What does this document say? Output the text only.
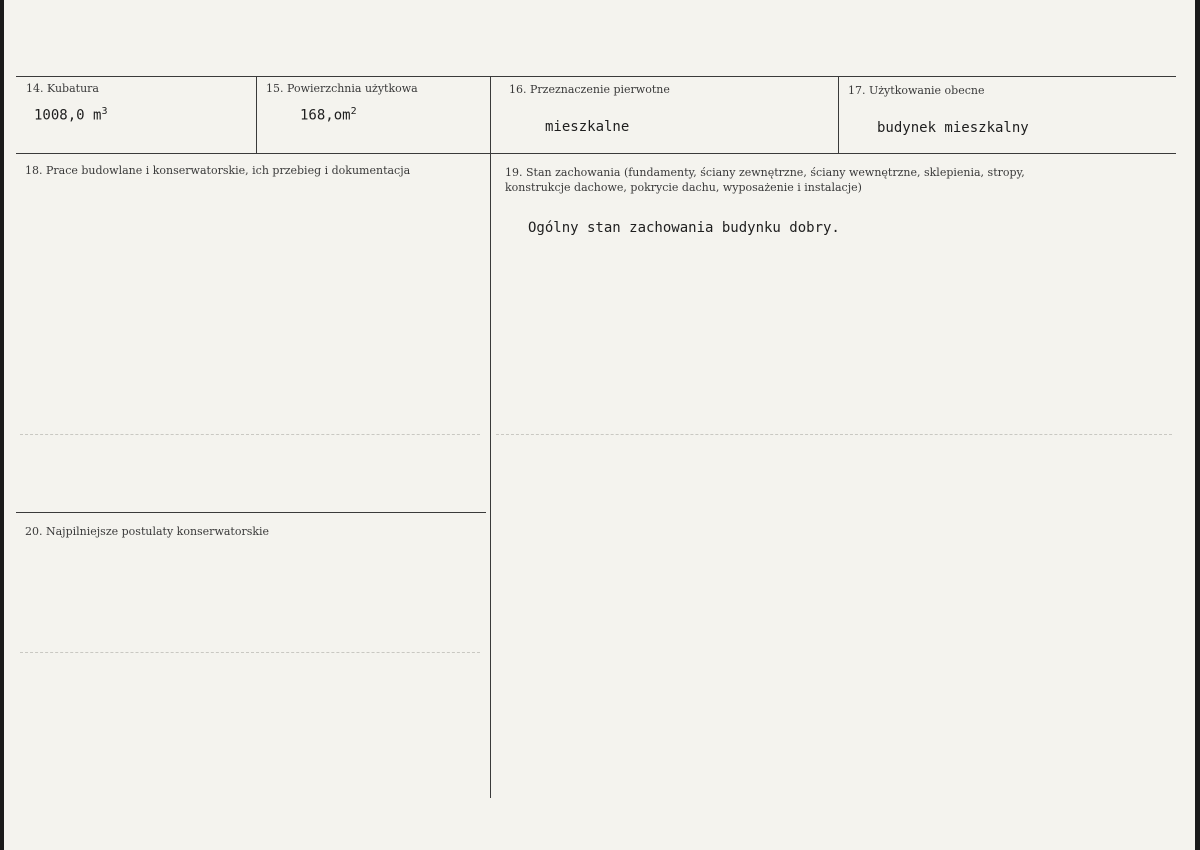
14. Kubatura
1008,0 $m^3$
15. Powierzchnia użytkowa
$168,om^2$
16. Przeznaczenie pierwotne
mieszkalne
17. Użytkowanie obecne
budynek mieszkalny
18. Prace budowlane i konserwatorskie, ich przebieg i dokumentacja	19. Stan zachowania (fundamenty, ściany zewnętrzne, ściany wewnętrzne, sklepienia, stropy,
konstrukcje dachowe, pokrycie dachu, wyposażenie i instalacje)
Ogólny stan zachowania budynku dobry.
20. Najpilniejsze postulaty konserwatorskie
